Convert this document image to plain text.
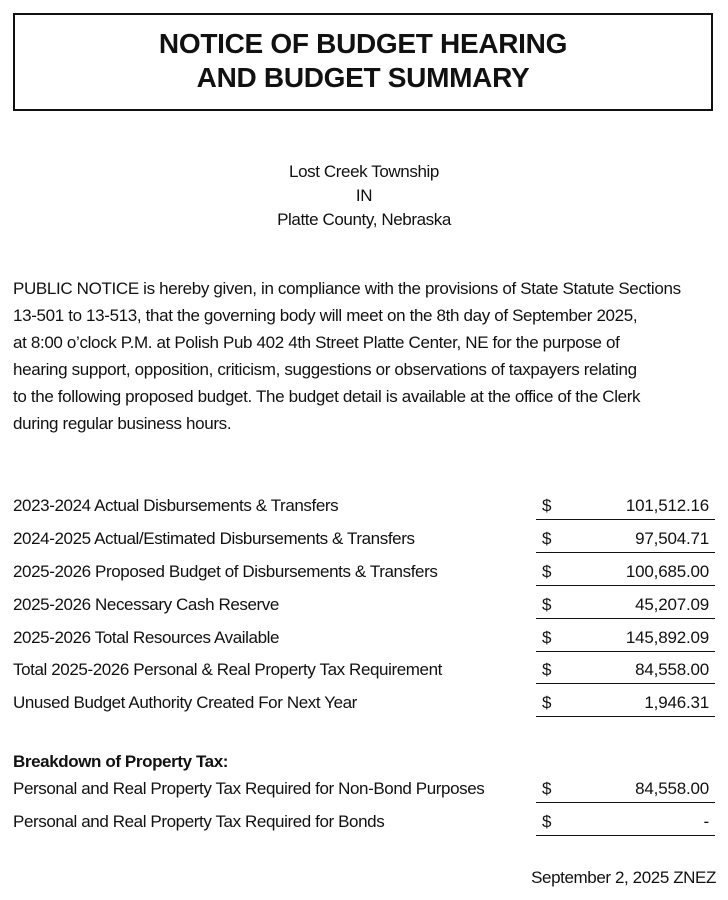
NOTICE OF BUDGET HEARING
AND BUDGET SUMMARY
Lost Creek Township
IN
Platte County, Nebraska
PUBLIC NOTICE is hereby given, in compliance with the provisions of State Statute Sections
13-501 to 13-513, that the governing body will meet on the 8th day of September 2025,
at 8:00 o’clock P.M. at Polish Pub 402 4th Street Platte Center, NE for the purpose of
hearing support, opposition, criticism, suggestions or observations of taxpayers relating
to the following proposed budget. The budget detail is available at the office of the Clerk
during regular business hours.
2023-2024 Actual Disbursements & Transfers	$	101,512.16
2024-2025 Actual/Estimated Disbursements & Transfers	$	97,504.71
2025-2026 Proposed Budget of Disbursements & Transfers	$	100,685.00
2025-2026 Necessary Cash Reserve	$	45,207.09
2025-2026 Total Resources Available	$	145,892.09
Total 2025-2026 Personal & Real Property Tax Requirement	$	84,558.00
Unused Budget Authority Created For Next Year	$	1,946.31
Breakdown of Property Tax:
Personal and Real Property Tax Required for Non-Bond Purposes	$	84,558.00
Personal and Real Property Tax Required for Bonds	$	-
September 2, 2025 ZNEZ
